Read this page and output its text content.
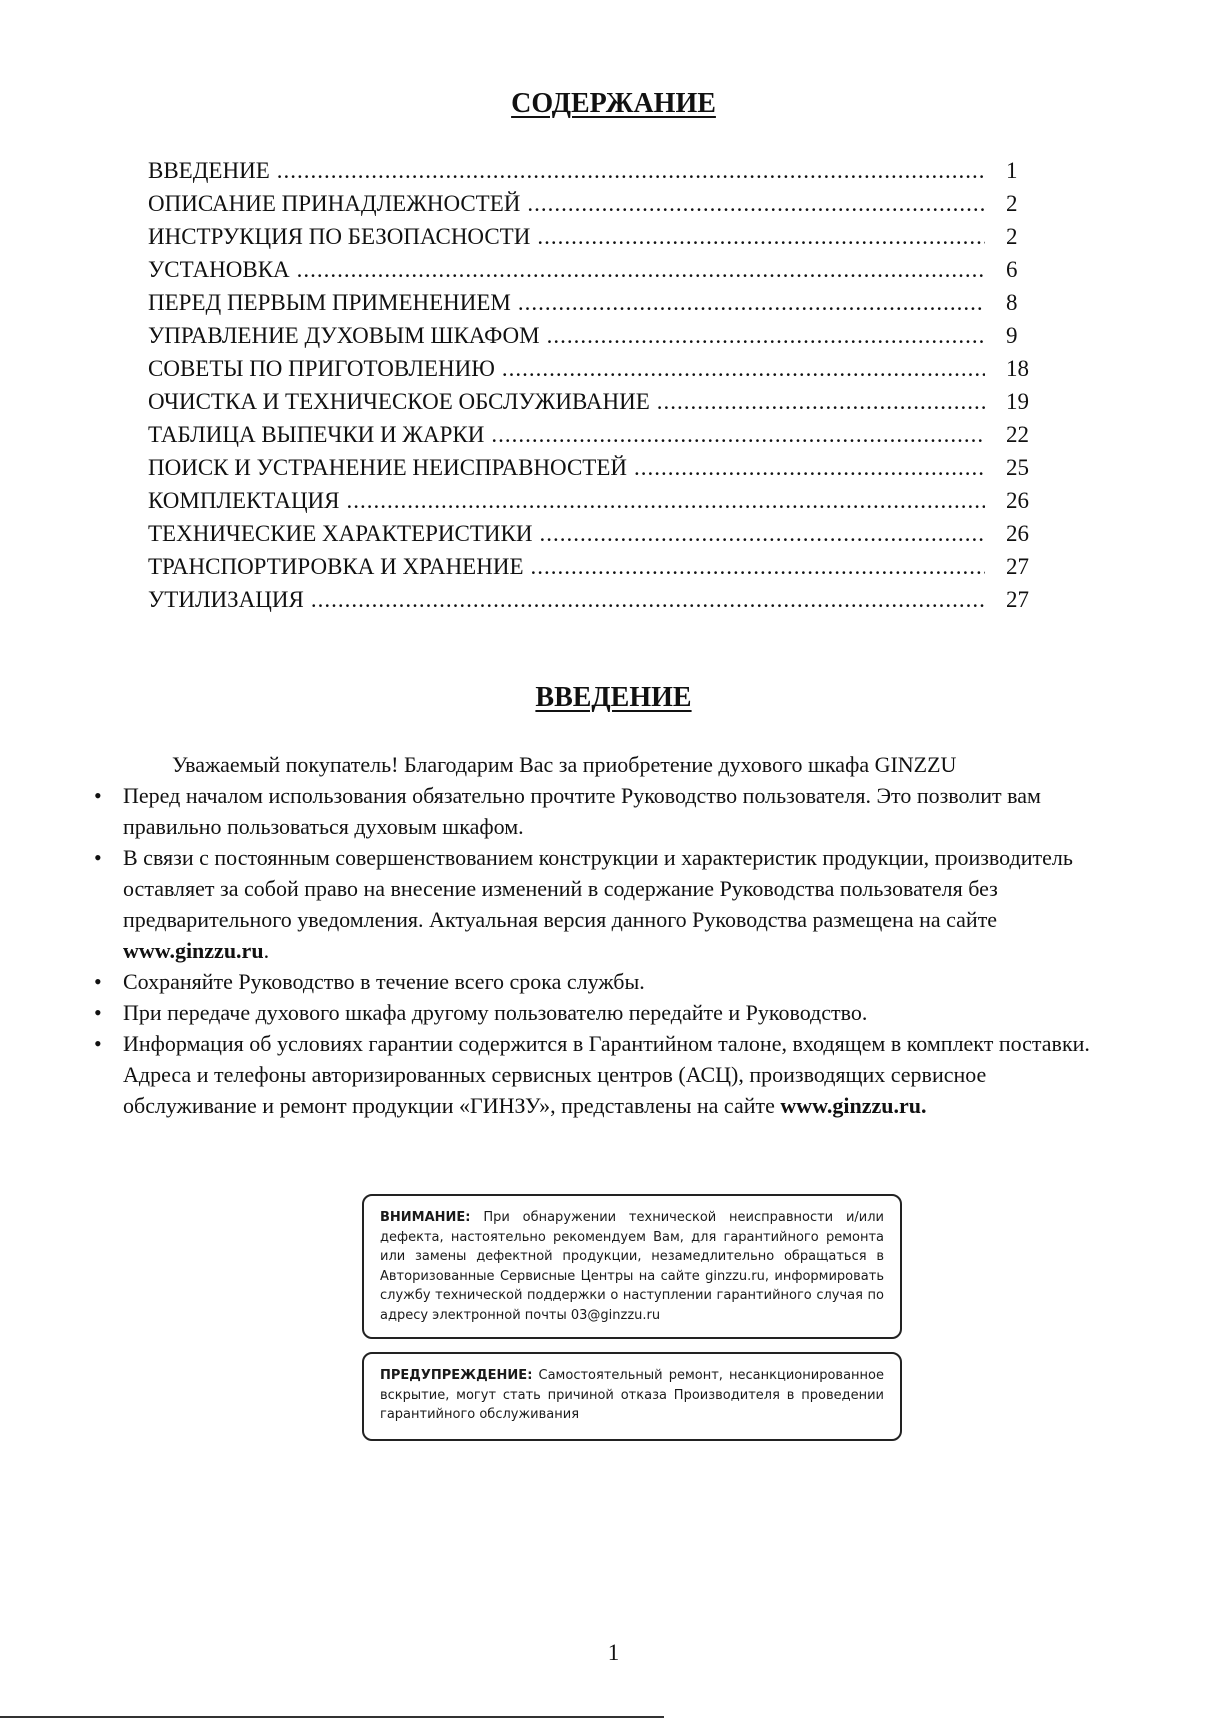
СОДЕРЖАНИЕ
ВВЕДЕНИЕ .....	1
ОПИСАНИЕ ПРИНАДЛЕЖНОСТЕЙ .....	2
ИНСТРУКЦИЯ ПО БЕЗОПАСНОСТИ .....	2
УСТАНОВКА .....	6
ПЕРЕД ПЕРВЫМ ПРИМЕНЕНИЕМ .....	8
УПРАВЛЕНИЕ ДУХОВЫМ ШКАФОМ .....	9
СОВЕТЫ ПО ПРИГОТОВЛЕНИЮ .....	18
ОЧИСТКА И ТЕХНИЧЕСКОЕ ОБСЛУЖИВАНИЕ .....	19
ТАБЛИЦА ВЫПЕЧКИ И ЖАРКИ .....	22
ПОИСК И УСТРАНЕНИЕ НЕИСПРАВНОСТЕЙ .....	25
КОМПЛЕКТАЦИЯ .....	26
ТЕХНИЧЕСКИЕ ХАРАКТЕРИСТИКИ .....	26
ТРАНСПОРТИРОВКА И ХРАНЕНИЕ .....	27
УТИЛИЗАЦИЯ .....	27
ВВЕДЕНИЕ

Уважаемый покупатель! Благодарим Вас за приобретение духового шкафа GINZZU

• Перед началом использования обязательно прочтите Руководство пользователя. Это позволит вам правильно пользоваться духовым шкафом.
• В связи с постоянным совершенствованием конструкции и характеристик продукции, производитель оставляет за собой право на внесение изменений в содержание Руководства пользователя без предварительного уведомления. Актуальная версия данного Руководства размещена на сайте www.ginzzu.ru.
• Сохраняйте Руководство в течение всего срока службы.
• При передаче духового шкафа другому пользователю передайте и Руководство.
• Информация об условиях гарантии содержится в Гарантийном талоне, входящем в комплект поставки. Адреса и телефоны авторизированных сервисных центров (АСЦ), производящих сервисное обслуживание и ремонт продукции «ГИНЗУ», представлены на сайте www.ginzzu.ru.
ВНИМАНИЕ: При обнаружении технической неисправности и/или дефекта, настоятельно рекомендуем Вам, для гарантийного ремонта или замены дефектной продукции, незамедлительно обращаться в Авторизованные Сервисные Центры на сайте ginzzu.ru, информировать службу технической поддержки о наступлении гарантийного случая по адресу электронной почты 03@ginzzu.ru
ПРЕДУПРЕЖДЕНИЕ: Самостоятельный ремонт, несанкционированное вскрытие, могут стать причиной отказа Производителя в проведении гарантийного обслуживания
1
